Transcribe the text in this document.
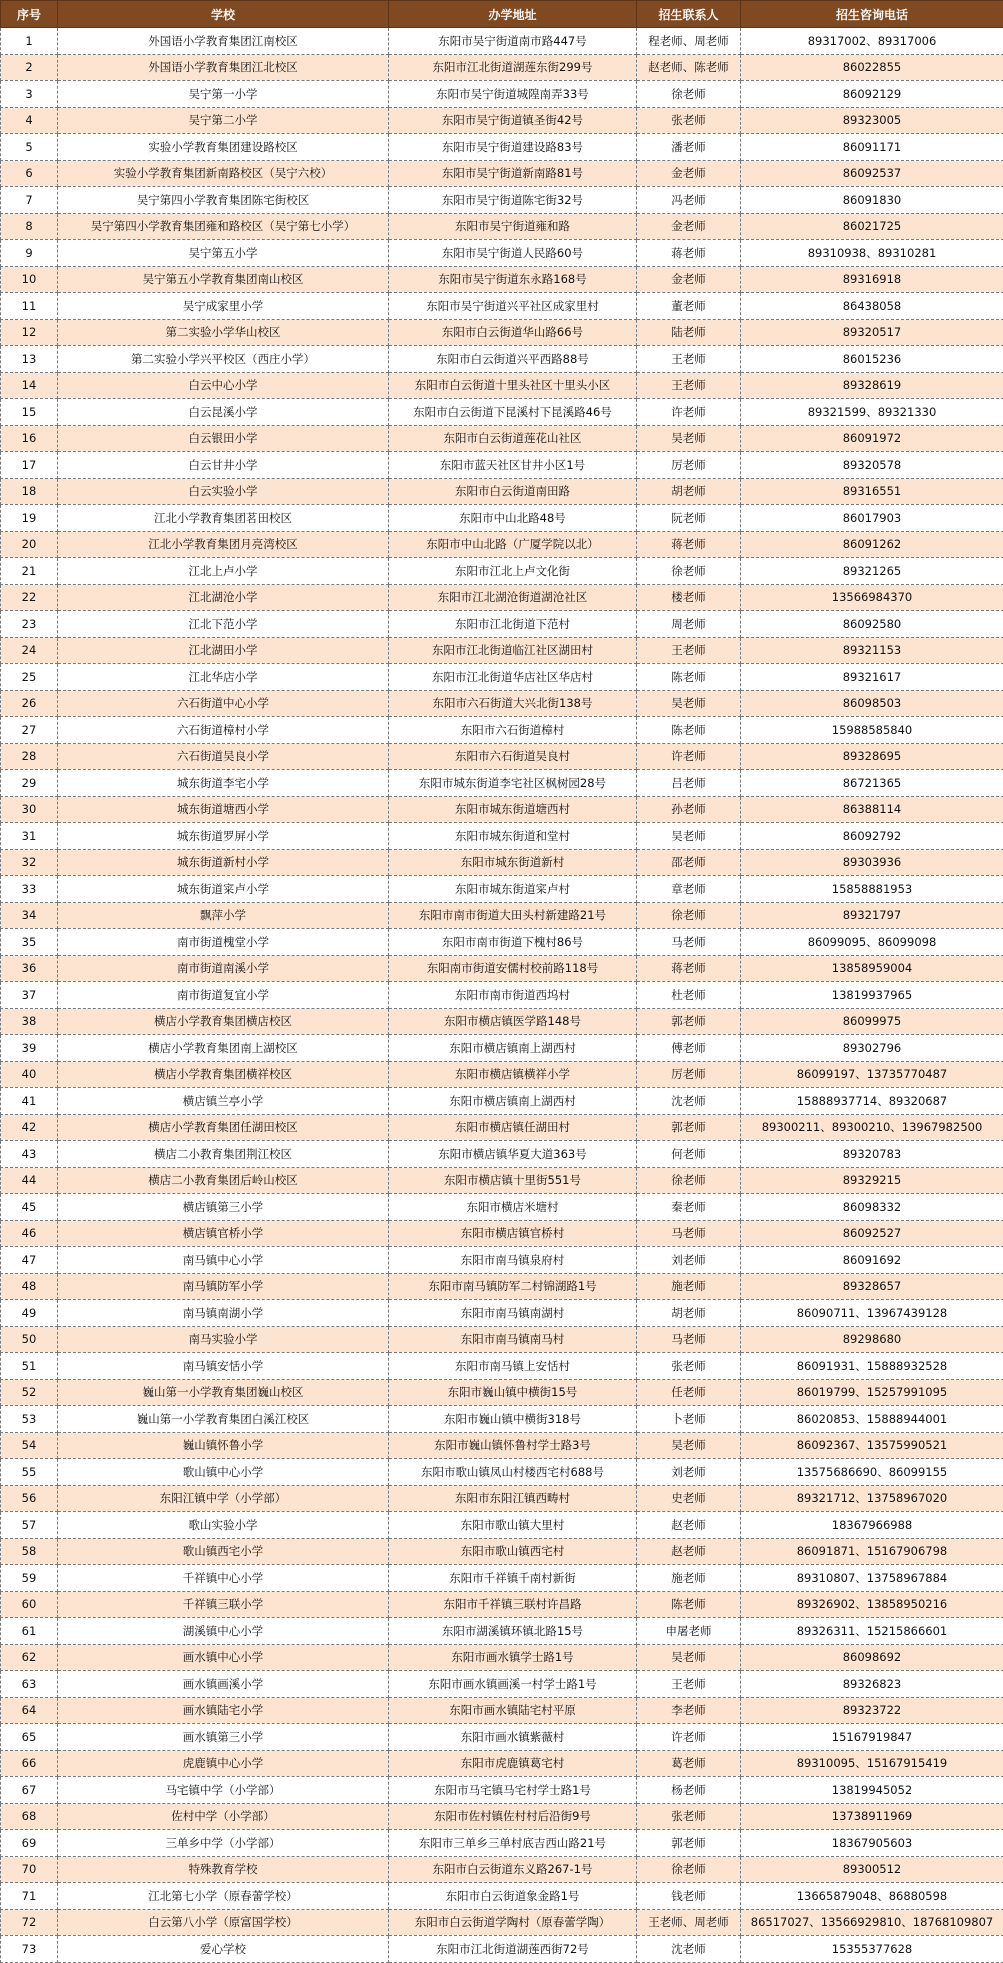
序号	学校	办学地址	招生联系人	招生咨询电话
1	外国语小学教育集团江南校区	东阳市吴宁街道南市路447号	程老师、周老师	89317002、89317006
2	外国语小学教育集团江北校区	东阳市江北街道湖莲东街299号	赵老师、陈老师	86022855
3	吴宁第一小学	东阳市吴宁街道城隍南弄33号	徐老师	86092129
4	吴宁第二小学	东阳市吴宁街道镇圣街42号	张老师	89323005
5	实验小学教育集团建设路校区	东阳市吴宁街道建设路83号	潘老师	86091171
6	实验小学教育集团新南路校区（吴宁六校）	东阳市吴宁街道新南路81号	金老师	86092537
7	吴宁第四小学教育集团陈宅街校区	东阳市吴宁街道陈宅街32号	冯老师	86091830
8	吴宁第四小学教育集团雍和路校区（吴宁第七小学）	东阳市吴宁街道雍和路	金老师	86021725
9	吴宁第五小学	东阳市吴宁街道人民路60号	蒋老师	89310938、89310281
10	吴宁第五小学教育集团南山校区	东阳市吴宁街道东永路168号	金老师	89316918
11	吴宁成家里小学	东阳市吴宁街道兴平社区成家里村	董老师	86438058
12	第二实验小学华山校区	东阳市白云街道华山路66号	陆老师	89320517
13	第二实验小学兴平校区（西庄小学）	东阳市白云街道兴平西路88号	王老师	86015236
14	白云中心小学	东阳市白云街道十里头社区十里头小区	王老师	89328619
15	白云昆溪小学	东阳市白云街道下昆溪村下昆溪路46号	许老师	89321599、89321330
16	白云银田小学	东阳市白云街道莲花山社区	吴老师	86091972
17	白云甘井小学	东阳市蓝天社区甘井小区1号	厉老师	89320578
18	白云实验小学	东阳市白云街道南田路	胡老师	89316551
19	江北小学教育集团茗田校区	东阳市中山北路48号	阮老师	86017903
20	江北小学教育集团月亮湾校区	东阳市中山北路（广厦学院以北）	蒋老师	86091262
21	江北上卢小学	东阳市江北上卢文化街	徐老师	89321265
22	江北湖沧小学	东阳市江北湖沧街道湖沧社区	楼老师	13566984370
23	江北下范小学	东阳市江北街道下范村	周老师	86092580
24	江北湖田小学	东阳市江北街道临江社区湖田村	王老师	89321153
25	江北华店小学	东阳市江北街道华店社区华店村	陈老师	89321617
26	六石街道中心小学	东阳市六石街道大兴北街138号	吴老师	86098503
27	六石街道樟村小学	东阳市六石街道樟村	陈老师	15988585840
28	六石街道吴良小学	东阳市六石街道吴良村	许老师	89328695
29	城东街道李宅小学	东阳市城东街道李宅社区枫树园28号	吕老师	86721365
30	城东街道塘西小学	东阳市城东街道塘西村	孙老师	86388114
31	城东街道罗屏小学	东阳市城东街道和堂村	吴老师	86092792
32	城东街道新村小学	东阳市城东街道新村	邵老师	89303936
33	城东街道寀卢小学	东阳市城东街道寀卢村	章老师	15858881953
34	飘萍小学	东阳市南市街道大田头村新建路21号	徐老师	89321797
35	南市街道槐堂小学	东阳市南市街道下槐村86号	马老师	86099095、86099098
36	南市街道南溪小学	东阳南市街道安儒村校前路118号	蒋老师	13858959004
37	南市街道复宜小学	东阳市南市街道西坞村	杜老师	13819937965
38	横店小学教育集团横店校区	东阳市横店镇医学路148号	郭老师	86099975
39	横店小学教育集团南上湖校区	东阳市横店镇南上湖西村	傅老师	89302796
40	横店小学教育集团横祥校区	东阳市横店镇横祥小学	厉老师	86099197、13735770487
41	横店镇兰亭小学	东阳市横店镇南上湖西村	沈老师	15888937714、89320687
42	横店小学教育集团任湖田校区	东阳市横店镇任湖田村	郭老师	89300211、89300210、13967982500
43	横店二小教育集团荆江校区	东阳市横店镇华夏大道363号	何老师	89320783
44	横店二小教育集团后岭山校区	东阳市横店镇十里街551号	徐老师	89329215
45	横店镇第三小学	东阳市横店米塘村	秦老师	86098332
46	横店镇官桥小学	东阳市横店镇官桥村	马老师	86092527
47	南马镇中心小学	东阳市南马镇泉府村	刘老师	86091692
48	南马镇防军小学	东阳市南马镇防军二村锦湖路1号	施老师	89328657
49	南马镇南湖小学	东阳市南马镇南湖村	胡老师	86090711、13967439128
50	南马实验小学	东阳市南马镇南马村	马老师	89298680
51	南马镇安恬小学	东阳市南马镇上安恬村	张老师	86091931、15888932528
52	巍山第一小学教育集团巍山校区	东阳市巍山镇中横街15号	任老师	86019799、15257991095
53	巍山第一小学教育集团白溪江校区	东阳市巍山镇中横街318号	卜老师	86020853、15888944001
54	巍山镇怀鲁小学	东阳市巍山镇怀鲁村学士路3号	吴老师	86092367、13575990521
55	歌山镇中心小学	东阳市歌山镇凤山村楼西宅村688号	刘老师	13575686690、86099155
56	东阳江镇中学（小学部）	东阳市东阳江镇西畴村	史老师	89321712、13758967020
57	歌山实验小学	东阳市歌山镇大里村	赵老师	18367966988
58	歌山镇西宅小学	东阳市歌山镇西宅村	赵老师	86091871、15167906798
59	千祥镇中心小学	东阳市千祥镇千南村新街	施老师	89310807、13758967884
60	千祥镇三联小学	东阳市千祥镇三联村许昌路	陈老师	89326902、13858950216
61	湖溪镇中心小学	东阳市湖溪镇环镇北路15号	申屠老师	89326311、15215866601
62	画水镇中心小学	东阳市画水镇学士路1号	吴老师	86098692
63	画水镇画溪小学	东阳市画水镇画溪一村学士路1号	王老师	89326823
64	画水镇陆宅小学	东阳市画水镇陆宅村平原	李老师	89323722
65	画水镇第三小学	东阳市画水镇紫薇村	许老师	15167919847
66	虎鹿镇中心小学	东阳市虎鹿镇葛宅村	葛老师	89310095、15167915419
67	马宅镇中学（小学部）	东阳市马宅镇马宅村学士路1号	杨老师	13819945052
68	佐村中学（小学部）	东阳市佐村镇佐村村后沿街9号	张老师	13738911969
69	三单乡中学（小学部）	东阳市三单乡三单村底吉西山路21号	郭老师	18367905603
70	特殊教育学校	东阳市白云街道东义路267-1号	徐老师	89300512
71	江北第七小学（原春蕾学校）	东阳市白云街道象金路1号	钱老师	13665879048、86880598
72	白云第八小学（原富国学校）	东阳市白云街道学陶村（原春蕾学陶）	王老师、周老师	86517027、13566929810、18768109807
73	爱心学校	东阳市江北街道湖莲西街72号	沈老师	15355377628
